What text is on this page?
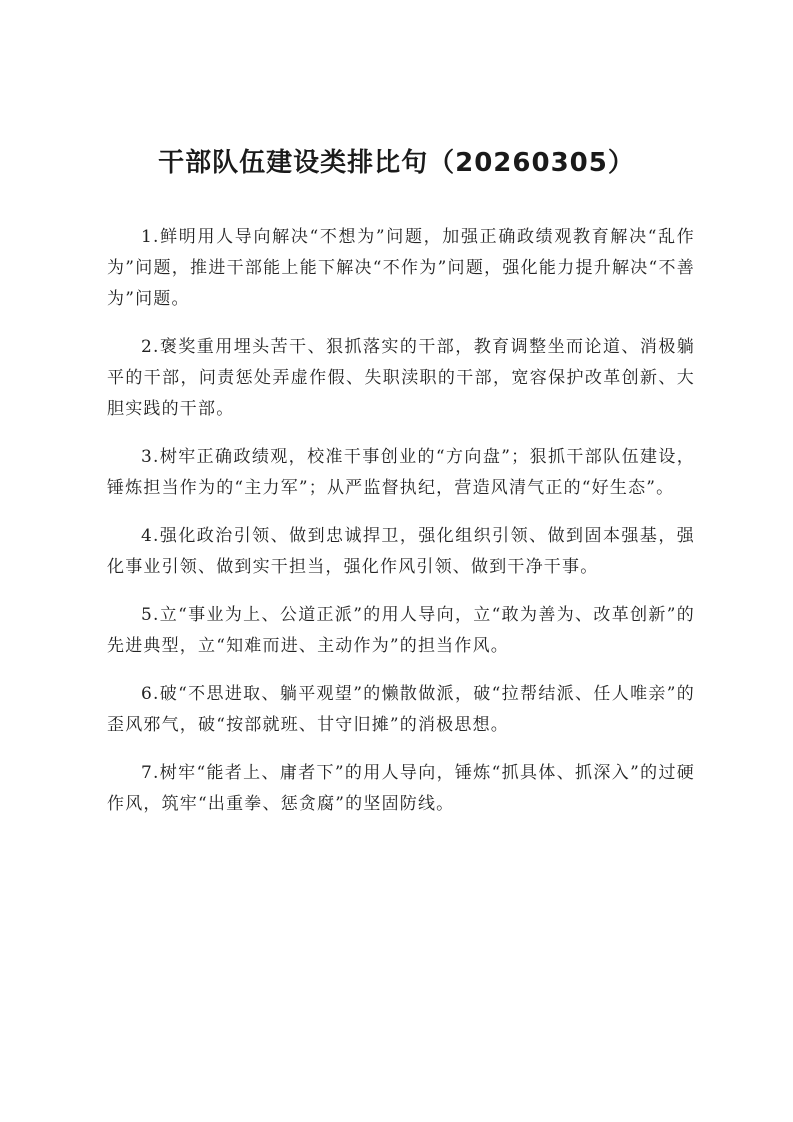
干部队伍建设类排比句（20260305）

1.鲜明用人导向解决“不想为”问题，加强正确政绩观教育解决“乱作为”问题，推进干部能上能下解决“不作为”问题，强化能力提升解决“不善为”问题。

2.褒奖重用埋头苦干、狠抓落实的干部，教育调整坐而论道、消极躺平的干部，问责惩处弄虚作假、失职渎职的干部，宽容保护改革创新、大胆实践的干部。

3.树牢正确政绩观，校准干事创业的“方向盘”；狠抓干部队伍建设，锤炼担当作为的“主力军”；从严监督执纪，营造风清气正的“好生态”。

4.强化政治引领、做到忠诚捍卫，强化组织引领、做到固本强基，强化事业引领、做到实干担当，强化作风引领、做到干净干事。

5.立“事业为上、公道正派”的用人导向，立“敢为善为、改革创新”的先进典型，立“知难而进、主动作为”的担当作风。

6.破“不思进取、躺平观望”的懒散做派，破“拉帮结派、任人唯亲”的歪风邪气，破“按部就班、甘守旧摊”的消极思想。

7.树牢“能者上、庸者下”的用人导向，锤炼“抓具体、抓深入”的过硬作风，筑牢“出重拳、惩贪腐”的坚固防线。
